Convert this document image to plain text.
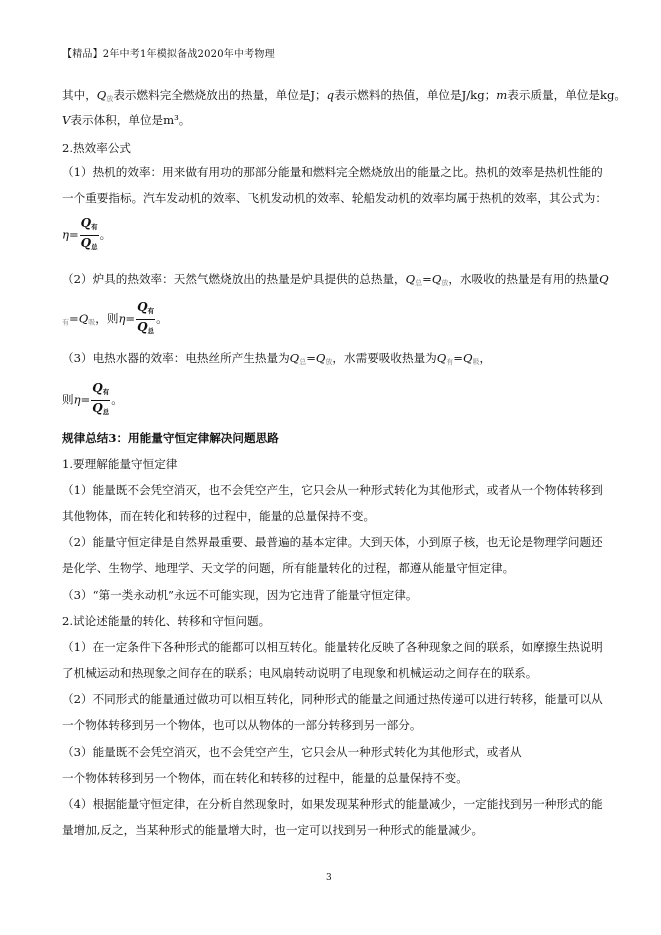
【精品】2年中考1年模拟备战2020年中考物理
其中，$Q_放$表示燃料完全燃烧放出的热量，单位是J；q表示燃料的热值，单位是J/kg；m表示质量，单位是kg。
V表示体积，单位是m³。
2.热效率公式
（1）热机的效率：用来做有用功的那部分能量和燃料完全燃烧放出的能量之比。热机的效率是热机性能的
一个重要指标。汽车发动机的效率、飞机发动机的效率、轮船发动机的效率均属于热机的效率，其公式为：
$\eta= \frac{\text{Q有}}{\text{Q总}}$ 。
（2）炉具的热效率：天然气燃烧放出的热量是炉具提供的总热量，$Q_总=Q_放$，水吸收的热量是有用的热量Q
$_有=Q_吸$，则$\eta= \frac{\text{Q有}}{\text{Q总}}$ 。
（3）电热水器的效率：电热丝所产生热量为$Q_总=Q_放$，水需要吸收热量为$Q_有=Q_吸$，
则$\eta= \frac{\text{Q有}}{\text{Q总}}$ 。
规律总结3：用能量守恒定律解决问题思路
1.要理解能量守恒定律
（1）能量既不会凭空消灭，也不会凭空产生，它只会从一种形式转化为其他形式，或者从一个物体转移到
其他物体，而在转化和转移的过程中，能量的总量保持不变。
（2）能量守恒定律是自然界最重要、最普遍的基本定律。大到天体，小到原子核，也无论是物理学问题还
是化学、生物学、地理学、天文学的问题，所有能量转化的过程，都遵从能量守恒定律。
（3）“第一类永动机”永远不可能实现，因为它违背了能量守恒定律。
2.试论述能量的转化、转移和守恒问题。
（1）在一定条件下各种形式的能都可以相互转化。能量转化反映了各种现象之间的联系，如摩擦生热说明
了机械运动和热现象之间存在的联系；电风扇转动说明了电现象和机械运动之间存在的联系。
（2）不同形式的能量通过做功可以相互转化，同种形式的能量之间通过热传递可以进行转移，能量可以从
一个物体转移到另一个物体，也可以从物体的一部分转移到另一部分。
（3）能量既不会凭空消灭，也不会凭空产生，它只会从一种形式转化为其他形式，或者从
一个物体转移到另一个物体，而在转化和转移的过程中，能量的总量保持不变。
（4）根据能量守恒定律，在分析自然现象时，如果发现某种形式的能量减少，一定能找到另一种形式的能
量增加,反之，当某种形式的能量增大时，也一定可以找到另一种形式的能量减少。
3
